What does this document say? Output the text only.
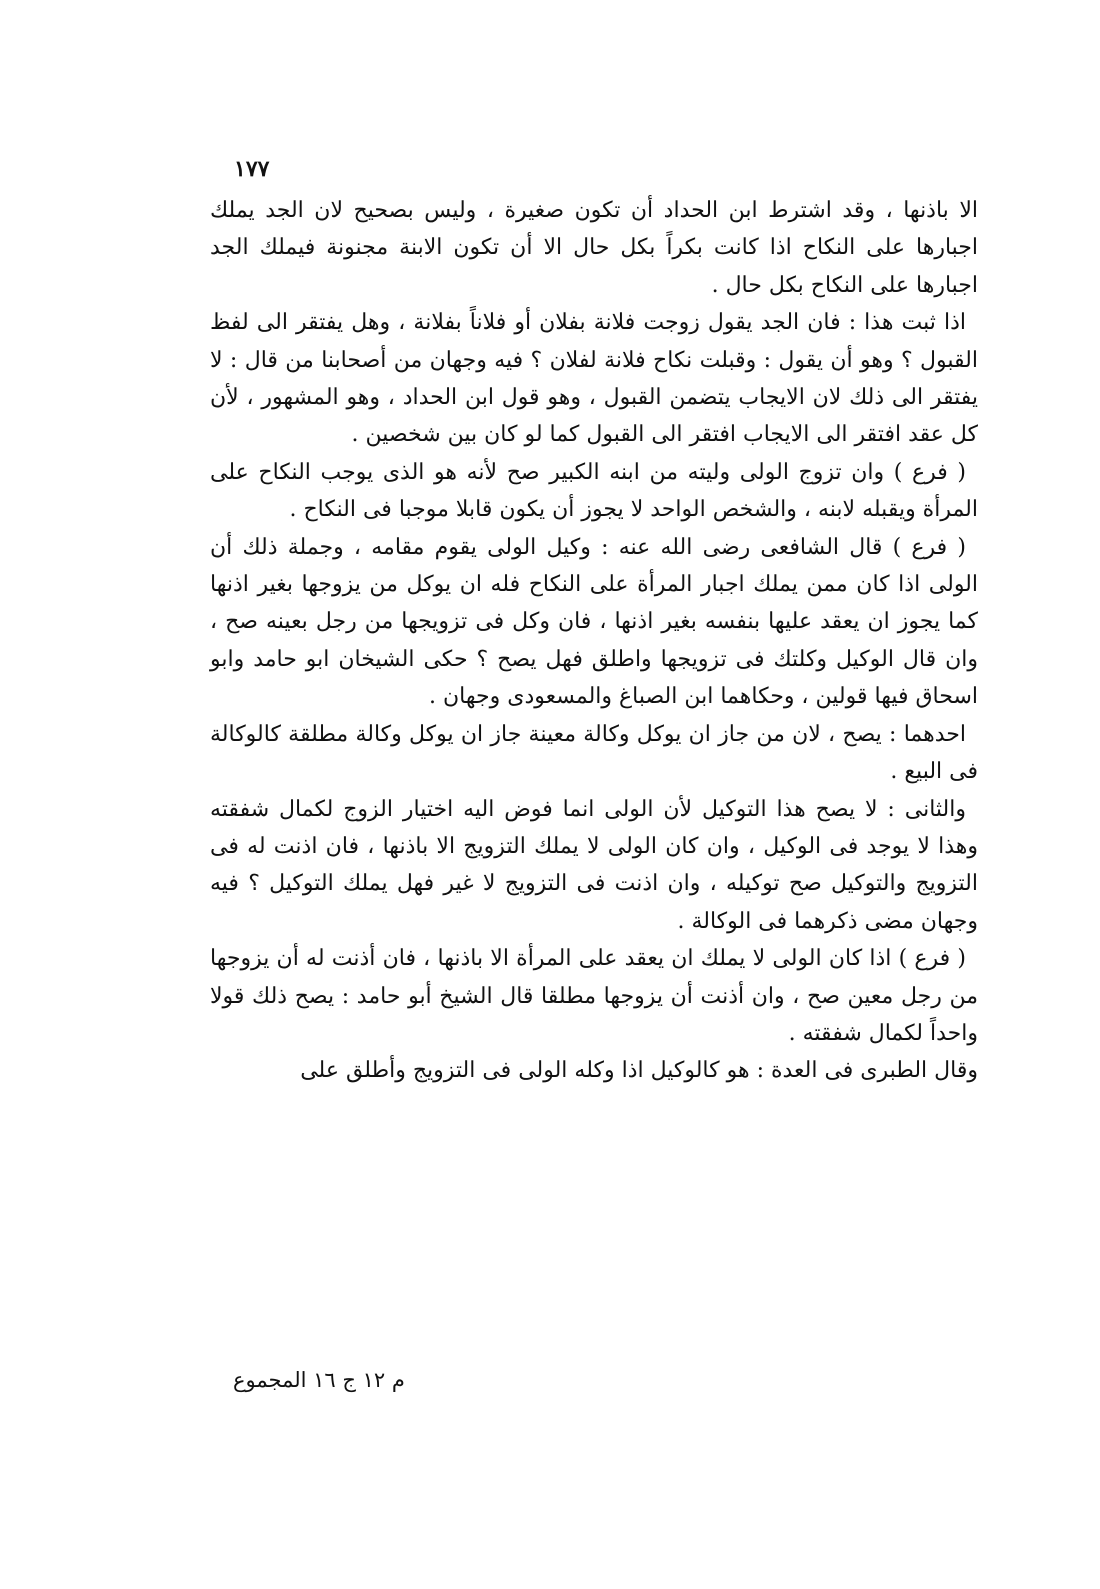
١٧٧

الا باذنها ، وقد اشترط ابن الحداد أن تكون صغيرة ، وليس بصحيح لان الجد يملك اجبارها على النكاح اذا كانت بكراً بكل حال الا أن تكون الابنة مجنونة فيملك الجد اجبارها على النكاح بكل حال .

اذا ثبت هذا : فان الجد يقول زوجت فلانة بفلان أو فلاناً بفلانة ، وهل يفتقر الى لفظ القبول ؟ وهو أن يقول : وقبلت نكاح فلانة لفلان ؟ فيه وجهان من أصحابنا من قال : لا يفتقر الى ذلك لان الايجاب يتضمن القبول ، وهو قول ابن الحداد ، وهو المشهور ، لأن كل عقد افتقر الى الايجاب افتقر الى القبول كما لو كان بين شخصين .

( فرع ) وان تزوج الولى وليته من ابنه الكبير صح لأنه هو الذى يوجب النكاح على المرأة ويقبله لابنه ، والشخص الواحد لا يجوز أن يكون قابلا موجبا فى النكاح .

( فرع ) قال الشافعى رضى الله عنه : وكيل الولى يقوم مقامه ، وجملة ذلك أن الولى اذا كان ممن يملك اجبار المرأة على النكاح فله ان يوكل من يزوجها بغير اذنها كما يجوز ان يعقد عليها بنفسه بغير اذنها ، فان وكل فى تزويجها من رجل بعينه صح ، وان قال الوكيل وكلتك فى تزويجها واطلق فهل يصح ؟ حكى الشيخان ابو حامد وابو اسحاق فيها قولين ، وحكاهما ابن الصباغ والمسعودى وجهان .

احدهما : يصح ، لان من جاز ان يوكل وكالة معينة جاز ان يوكل وكالة مطلقة كالوكالة فى البيع .

والثانى : لا يصح هذا التوكيل لأن الولى انما فوض اليه اختيار الزوج لكمال شفقته وهذا لا يوجد فى الوكيل ، وان كان الولى لا يملك التزويج الا باذنها ، فان اذنت له فى التزويج والتوكيل صح توكيله ، وان اذنت فى التزويج لا غير فهل يملك التوكيل ؟ فيه وجهان مضى ذكرهما فى الوكالة .

( فرع ) اذا كان الولى لا يملك ان يعقد على المرأة الا باذنها ، فان أذنت له أن يزوجها من رجل معين صح ، وان أذنت أن يزوجها مطلقا قال الشيخ أبو حامد : يصح ذلك قولا واحداً لكمال شفقته .

وقال الطبرى فى العدة : هو كالوكيل اذا وكله الولى فى التزويج وأطلق على

م ١٢ ج ١٦ المجموع
